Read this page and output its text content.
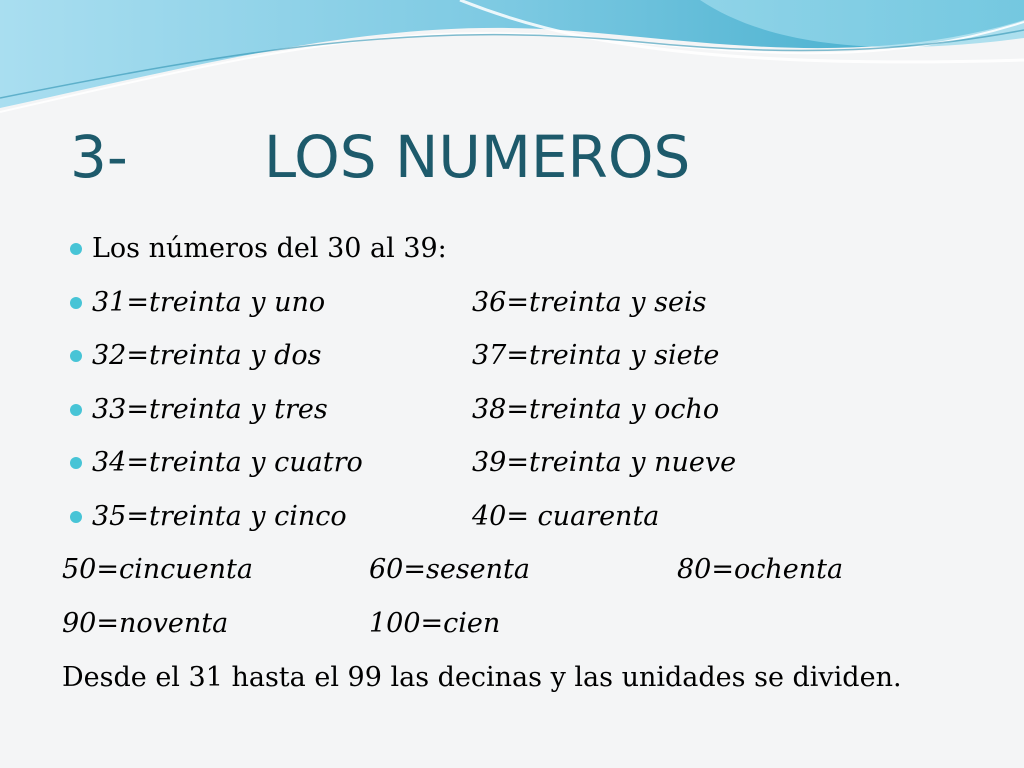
3- LOS NUMEROS
Los números del 30 al 39:
31=treinta y uno	36=treinta y seis
32=treinta y dos	37=treinta y siete
33=treinta y tres	38=treinta y ocho
34=treinta y cuatro	39=treinta y nueve
35=treinta y cinco	40= cuarenta
50=cincuenta	60=sesenta	80=ochenta
90=noventa	100=cien
Desde el 31 hasta el 99 las decinas y las unidades se dividen.
